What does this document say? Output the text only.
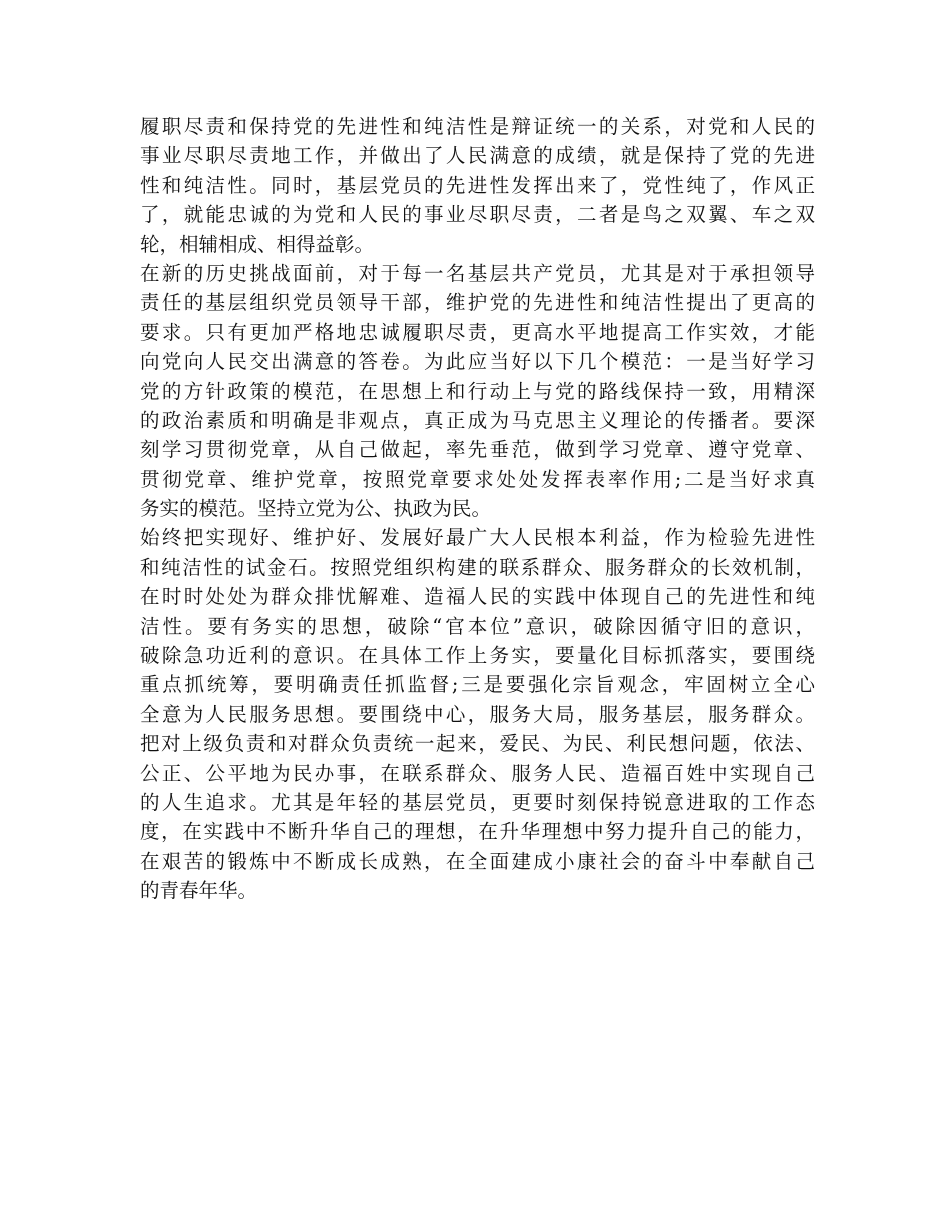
履职尽责和保持党的先进性和纯洁性是辩证统一的关系，对党和人民的
事业尽职尽责地工作，并做出了人民满意的成绩，就是保持了党的先进
性和纯洁性。同时，基层党员的先进性发挥出来了，党性纯了，作风正
了，就能忠诚的为党和人民的事业尽职尽责，二者是鸟之双翼、车之双
轮，相辅相成、相得益彰。
在新的历史挑战面前，对于每一名基层共产党员，尤其是对于承担领导
责任的基层组织党员领导干部，维护党的先进性和纯洁性提出了更高的
要求。只有更加严格地忠诚履职尽责，更高水平地提高工作实效，才能
向党向人民交出满意的答卷。为此应当好以下几个模范：一是当好学习
党的方针政策的模范，在思想上和行动上与党的路线保持一致，用精深
的政治素质和明确是非观点，真正成为马克思主义理论的传播者。要深
刻学习贯彻党章，从自己做起，率先垂范，做到学习党章、遵守党章、
贯彻党章、维护党章，按照党章要求处处发挥表率作用;二是当好求真
务实的模范。坚持立党为公、执政为民。
始终把实现好、维护好、发展好最广大人民根本利益，作为检验先进性
和纯洁性的试金石。按照党组织构建的联系群众、服务群众的长效机制，
在时时处处为群众排忧解难、造福人民的实践中体现自己的先进性和纯
洁性。要有务实的思想，破除“官本位”意识，破除因循守旧的意识，
破除急功近利的意识。在具体工作上务实，要量化目标抓落实，要围绕
重点抓统筹，要明确责任抓监督;三是要强化宗旨观念，牢固树立全心
全意为人民服务思想。要围绕中心，服务大局，服务基层，服务群众。
把对上级负责和对群众负责统一起来，爱民、为民、利民想问题，依法、
公正、公平地为民办事，在联系群众、服务人民、造福百姓中实现自己
的人生追求。尤其是年轻的基层党员，更要时刻保持锐意进取的工作态
度，在实践中不断升华自己的理想，在升华理想中努力提升自己的能力，
在艰苦的锻炼中不断成长成熟，在全面建成小康社会的奋斗中奉献自己
的青春年华。
